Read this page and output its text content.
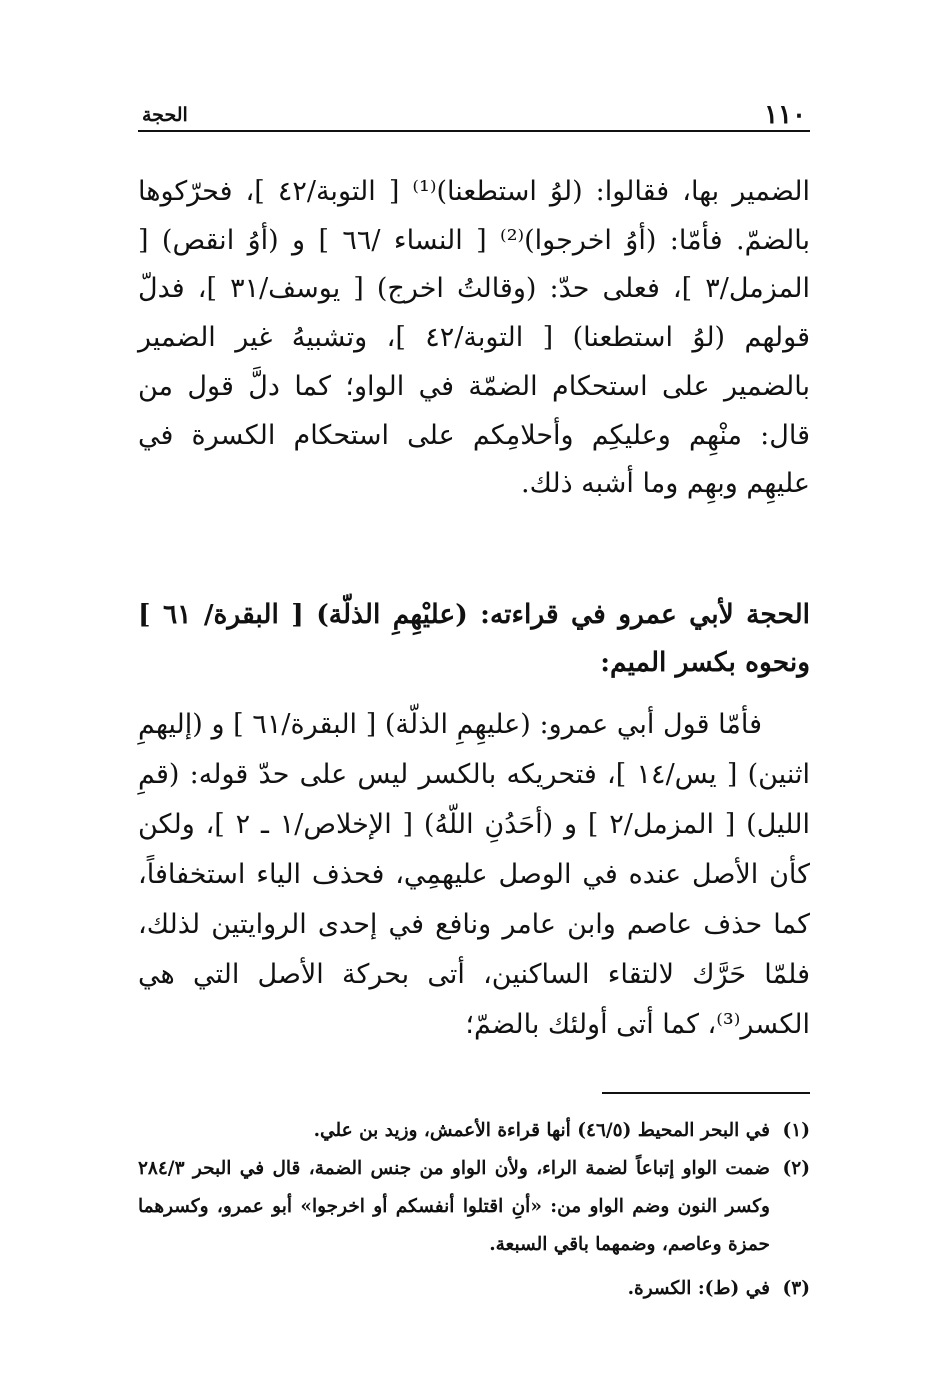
١١٠
الحجة

الضمير بها، فقالوا: (لوُ استطعنا)⁽¹⁾ [ التوبة/٤٢ ]، فحرّكوها بالضمّ. فأمّا: (أوُ اخرجوا)⁽²⁾ [ النساء /٦٦ ] و (أوُ انقص) [ المزمل/٣ ]، فعلى حدّ: (وقالتُ اخرج) [ يوسف/٣١ ]، فدلّ قولهم (لوُ استطعنا) [ التوبة/٤٢ ]، وتشبيهُ غير الضمير بالضمير على استحكام الضمّة في الواو؛ كما دلَّ قول من قال: منْهِم وعليكِم وأحلامِكم على استحكام الكسرة في عليهِم وبهِم وما أشبه ذلك.

الحجة لأبي عمرو في قراءته: (عليْهِمِ الذلّة) [ البقرة/ ٦١ ] ونحوه بكسر الميم:

فأمّا قول أبي عمرو: (عليهِمِ الذلّة) [ البقرة/٦١ ] و (إليهمِ اثنين) [ يس/١٤ ]، فتحريكه بالكسر ليس على حدّ قوله: (قمِ الليل) [ المزمل/٢ ] و (أحَدُنِ اللّهُ) [ الإخلاص/١ ـ ٢ ]، ولكن كأن الأصل عنده في الوصل عليهمِي، فحذف الياء استخفافاً، كما حذف عاصم وابن عامر ونافع في إحدى الروايتين لذلك، فلمّا حَرَّك لالتقاء الساكنين، أتى بحركة الأصل التي هي الكسر⁽³⁾، كما أتى أولئك بالضمّ؛

(١)
في البحر المحيط (٤٦/٥) أنها قراءة الأعمش، وزيد بن علي.
(٢)
ضمت الواو إتباعاً لضمة الراء، ولأن الواو من جنس الضمة، قال في البحر ٢٨٤/٣ وكسر النون وضم الواو من: «أنِ اقتلوا أنفسكم أو اخرجوا» أبو عمرو، وكسرهما حمزة وعاصم، وضمهما باقي السبعة.
(٣)
في (ط): الكسرة.
